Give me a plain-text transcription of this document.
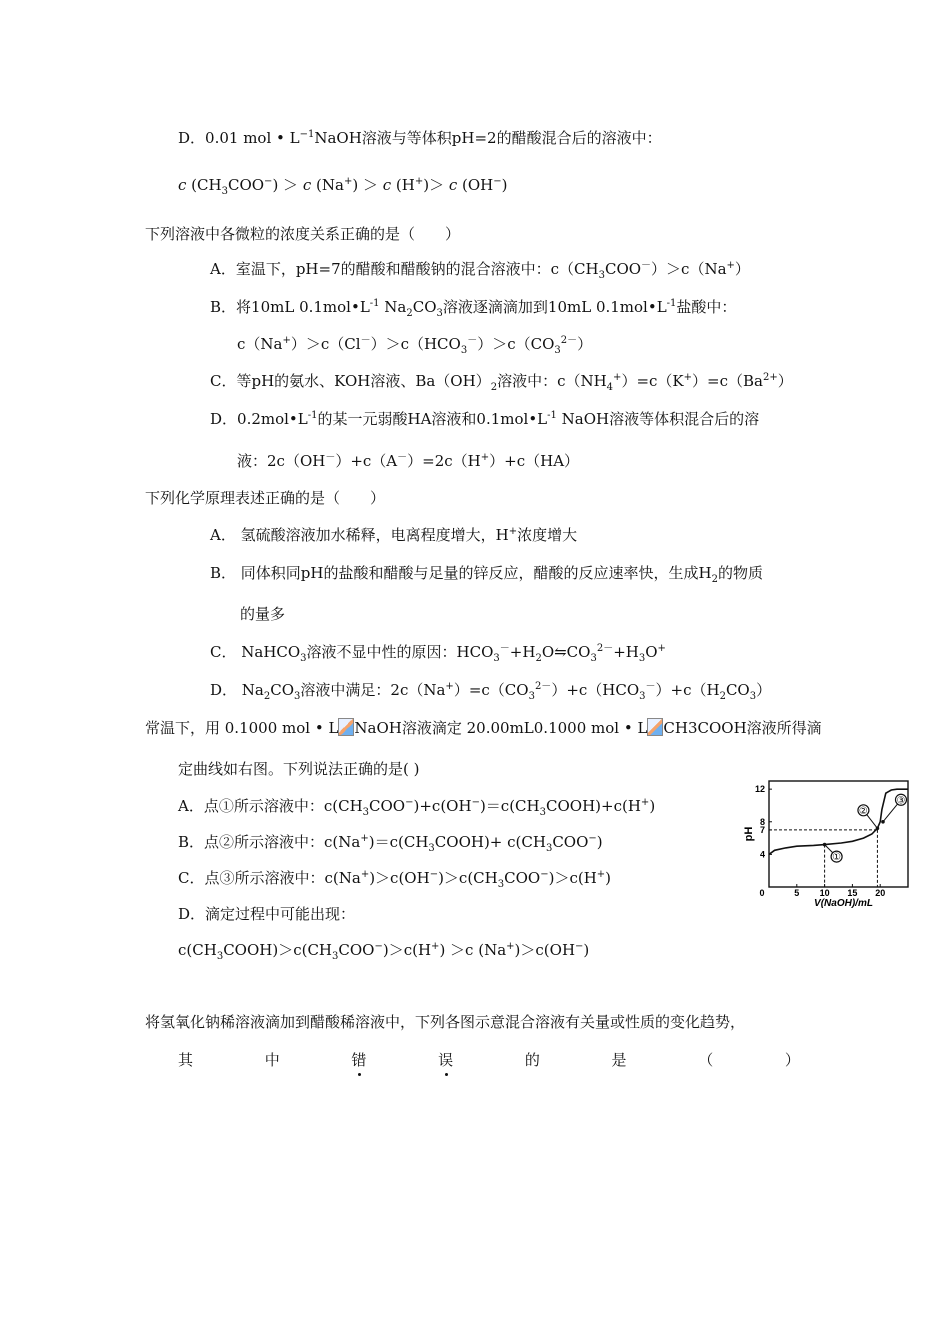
D．0.01 mol • $L^{-1}NaOH$溶液与等体积pH=2的醋酸混合后的溶液中：
c $(CH_3COO^-) > c$ (Na+) ＞ c (H+)＞ c (OH−)
下列溶液中各微粒的浓度关系正确的是（　　）
A．室温下，pH=7的醋酸和醋酸钠的混合溶液中：$c(CH_3COO^-)>c(Na^+)$
B．将10mL $0.1mol•L^{-1}$ $Na_2CO_3$溶液逐滴滴加到10mL $0.1mol•L^{-1}$盐酸中：
$c(Na^+)>c(Cl^-)>c(HCO_3^-)>c(CO_3^{2-})$
C．等pH的氨水、KOH溶液、$Ba(OH)_2$溶液中：$c(NH_4^+)=c(K^+)=c(Ba^{2+})$
D．$0.2mol•L^{-1}$的某一元弱酸HA溶液和$0.1mol•L^{-1}$ NaOH溶液等体积混合后的溶
液：2c（OH－）+c（A－）=2c（H+）+c（HA）
下列化学原理表述正确的是（　　）
A． 氢硫酸溶液加水稀释，电离程度增大，H+浓度增大
B． 同体积同pH的盐酸和醋酸与足量的锌反应，醋酸的反应速率快，生成$H_2$的物质
的量多
C． NaHCO$_3$溶液不显中性的原因：$HCO_3^-+H_2O⇋CO_3^{2-}+H_3O^+$
D． $Na_2CO_3$溶液中满足：$2c(Na^+)=c(CO_3^{2-})+c(HCO_3^-)+c(H_2CO_3)$
常温下，用 0.1000 mol • L NaOH溶液滴定 20.00mL0.1000 mol • L CH3COOH溶液所得滴
定曲线如右图。下列说法正确的是( )
A．点①所示溶液中：$c(CH_3COO^-)+c(OH^-)=c(CH_3COOH)+c(H^+)$
B．点②所示溶液中：$c(Na^+)=c(CH_3COOH)+ c(CH_3COO^-)$
C．点③所示溶液中：$c(Na^+)>c(OH^-)>c(CH_3COO^-)>c(H^+)$
D．滴定过程中可能出现：
$c(CH_3COOH)>c(CH_3COO^-)>c(H^+) >c$ (Na+)＞c(OH−)
pH
V(NaOH)/mL
0	5 10 15 20
4
7
8
12
①
②
③
将氢氧化钠稀溶液滴加到醋酸稀溶液中，下列各图示意混合溶液有关量或性质的变化趋势，
其	中	错	误	的	是	（	）
